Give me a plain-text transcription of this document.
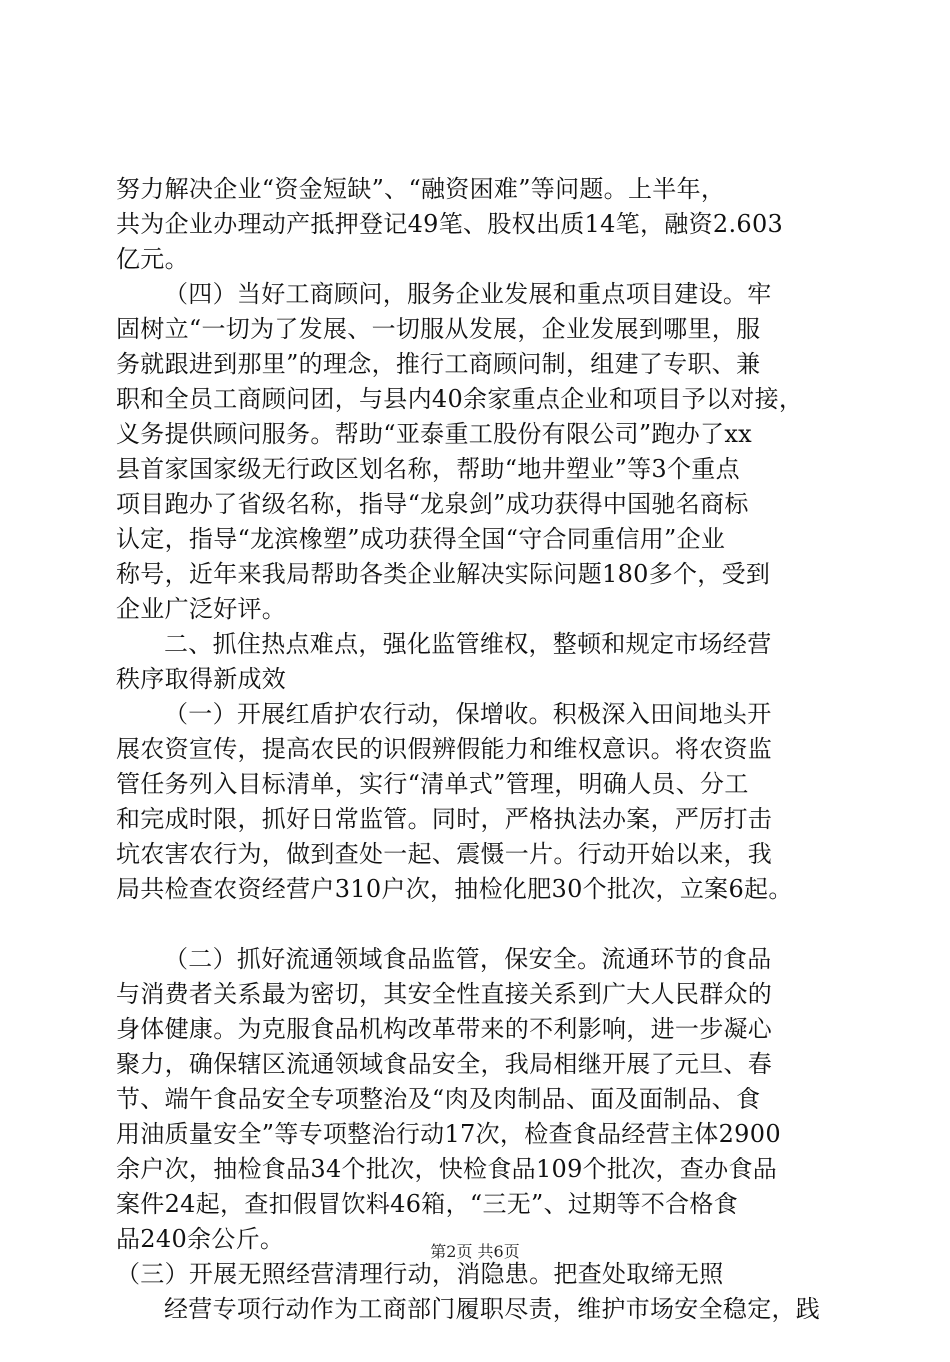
努力解决企业“资金短缺”、“融资困难”等问题。上半年，
共为企业办理动产抵押登记49笔、股权出质14笔，融资2.603
亿元。
（四）当好工商顾问，服务企业发展和重点项目建设。牢
固树立“一切为了发展、一切服从发展，企业发展到哪里，服
务就跟进到那里”的理念，推行工商顾问制，组建了专职、兼
职和全员工商顾问团，与县内40余家重点企业和项目予以对接，
义务提供顾问服务。帮助“亚泰重工股份有限公司”跑办了xx
县首家国家级无行政区划名称，帮助“地井塑业”等3个重点
项目跑办了省级名称，指导“龙泉剑”成功获得中国驰名商标
认定，指导“龙滨橡塑”成功获得全国“守合同重信用”企业
称号，近年来我局帮助各类企业解决实际问题180多个，受到
企业广泛好评。
二、抓住热点难点，强化监管维权，整顿和规定市场经营
秩序取得新成效
（一）开展红盾护农行动，保增收。积极深入田间地头开
展农资宣传，提高农民的识假辨假能力和维权意识。将农资监
管任务列入目标清单，实行“清单式”管理，明确人员、分工
和完成时限，抓好日常监管。同时，严格执法办案，严厉打击
坑农害农行为，做到查处一起、震慑一片。行动开始以来，我
局共检查农资经营户310户次，抽检化肥30个批次，立案6起。
（二）抓好流通领域食品监管，保安全。流通环节的食品
与消费者关系最为密切，其安全性直接关系到广大人民群众的
身体健康。为克服食品机构改革带来的不利影响，进一步凝心
聚力，确保辖区流通领域食品安全，我局相继开展了元旦、春
节、端午食品安全专项整治及“肉及肉制品、面及面制品、食
用油质量安全”等专项整治行动17次，检查食品经营主体2900
余户次，抽检食品34个批次，快检食品109个批次，查办食品
案件24起，查扣假冒饮料46箱，“三无”、过期等不合格食
品240余公斤。
（三）开展无照经营清理行动，消隐患。把查处取缔无照
经营专项行动作为工商部门履职尽责，维护市场安全稳定，践
第2页 共6页
